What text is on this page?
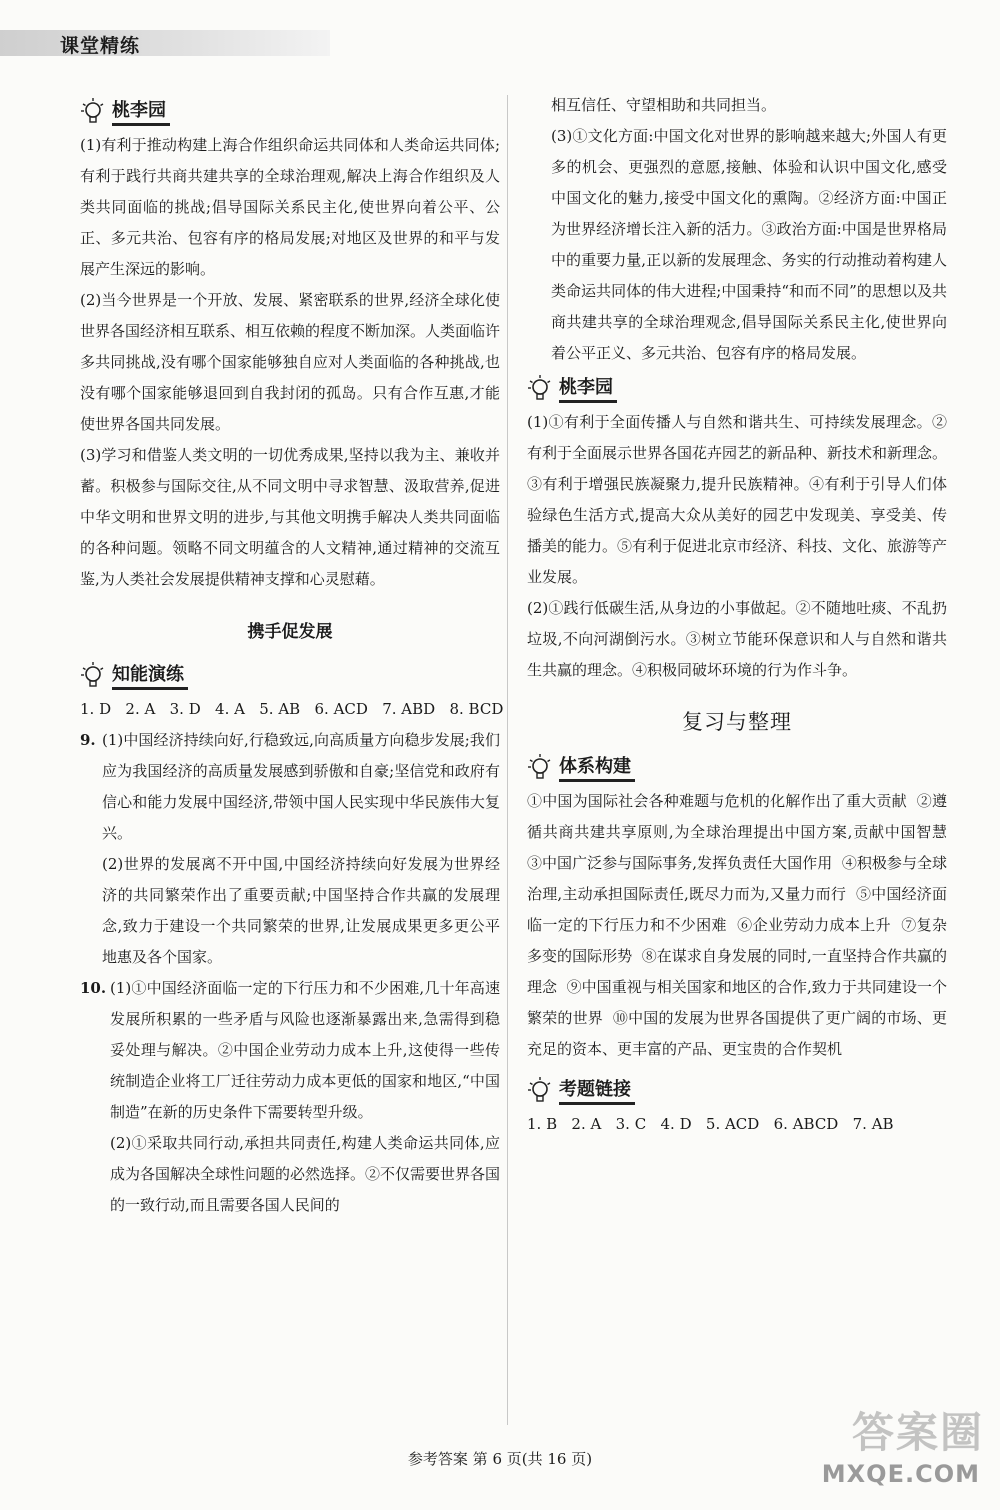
课堂精练
桃李园

(1)有利于推动构建上海合作组织命运共同体和人类命运共同体;有利于践行共商共建共享的全球治理观,解决上海合作组织及人类共同面临的挑战;倡导国际关系民主化,使世界向着公平、公正、多元共治、包容有序的格局发展;对地区及世界的和平与发展产生深远的影响。

(2)当今世界是一个开放、发展、紧密联系的世界,经济全球化使世界各国经济相互联系、相互依赖的程度不断加深。人类面临许多共同挑战,没有哪个国家能够独自应对人类面临的各种挑战,也没有哪个国家能够退回到自我封闭的孤岛。只有合作互惠,才能使世界各国共同发展。

(3)学习和借鉴人类文明的一切优秀成果,坚持以我为主、兼收并蓄。积极参与国际交往,从不同文明中寻求智慧、汲取营养,促进中华文明和世界文明的进步,与其他文明携手解决人类共同面临的各种问题。领略不同文明蕴含的人文精神,通过精神的交流互鉴,为人类社会发展提供精神支撑和心灵慰藉。

携手促发展
知能演练

1. D   2. A   3. D   4. A   5. AB   6. ACD   7. ABD   8. BCD

9. (1)中国经济持续向好,行稳致远,向高质量方向稳步发展;我们应为我国经济的高质量发展感到骄傲和自豪;坚信党和政府有信心和能力发展中国经济,带领中国人民实现中华民族伟大复兴。

(2)世界的发展离不开中国,中国经济持续向好发展为世界经济的共同繁荣作出了重要贡献;中国坚持合作共赢的发展理念,致力于建设一个共同繁荣的世界,让发展成果更多更公平地惠及各个国家。

10. (1)①中国经济面临一定的下行压力和不少困难,几十年高速发展所积累的一些矛盾与风险也逐渐暴露出来,急需得到稳妥处理与解决。②中国企业劳动力成本上升,这使得一些传统制造企业将工厂迁往劳动力成本更低的国家和地区,“中国制造”在新的历史条件下需要转型升级。

(2)①采取共同行动,承担共同责任,构建人类命运共同体,应成为各国解决全球性问题的必然选择。②不仅需要世界各国的一致行动,而且需要各国人民间的

相互信任、守望相助和共同担当。

(3)①文化方面:中国文化对世界的影响越来越大;外国人有更多的机会、更强烈的意愿,接触、体验和认识中国文化,感受中国文化的魅力,接受中国文化的熏陶。②经济方面:中国正为世界经济增长注入新的活力。③政治方面:中国是世界格局中的重要力量,正以新的发展理念、务实的行动推动着构建人类命运共同体的伟大进程;中国秉持“和而不同”的思想以及共商共建共享的全球治理观念,倡导国际关系民主化,使世界向着公平正义、多元共治、包容有序的格局发展。

桃李园

(1)①有利于全面传播人与自然和谐共生、可持续发展理念。②有利于全面展示世界各国花卉园艺的新品种、新技术和新理念。③有利于增强民族凝聚力,提升民族精神。④有利于引导人们体验绿色生活方式,提高大众从美好的园艺中发现美、享受美、传播美的能力。⑤有利于促进北京市经济、科技、文化、旅游等产业发展。

(2)①践行低碳生活,从身边的小事做起。②不随地吐痰、不乱扔垃圾,不向河湖倒污水。③树立节能环保意识和人与自然和谐共生共赢的理念。④积极同破坏环境的行为作斗争。

复习与整理
体系构建

①中国为国际社会各种难题与危机的化解作出了重大贡献  ②遵循共商共建共享原则,为全球治理提出中国方案,贡献中国智慧  ③中国广泛参与国际事务,发挥负责任大国作用  ④积极参与全球治理,主动承担国际责任,既尽力而为,又量力而行  ⑤中国经济面临一定的下行压力和不少困难  ⑥企业劳动力成本上升  ⑦复杂多变的国际形势  ⑧在谋求自身发展的同时,一直坚持合作共赢的理念  ⑨中国重视与相关国家和地区的合作,致力于共同建设一个繁荣的世界  ⑩中国的发展为世界各国提供了更广阔的市场、更充足的资本、更丰富的产品、更宝贵的合作契机

考题链接

1. B   2. A   3. C   4. D   5. ACD   6. ABCD   7. AB

参考答案 第 6 页(共 16 页)
答案圈
MXQE.COM
